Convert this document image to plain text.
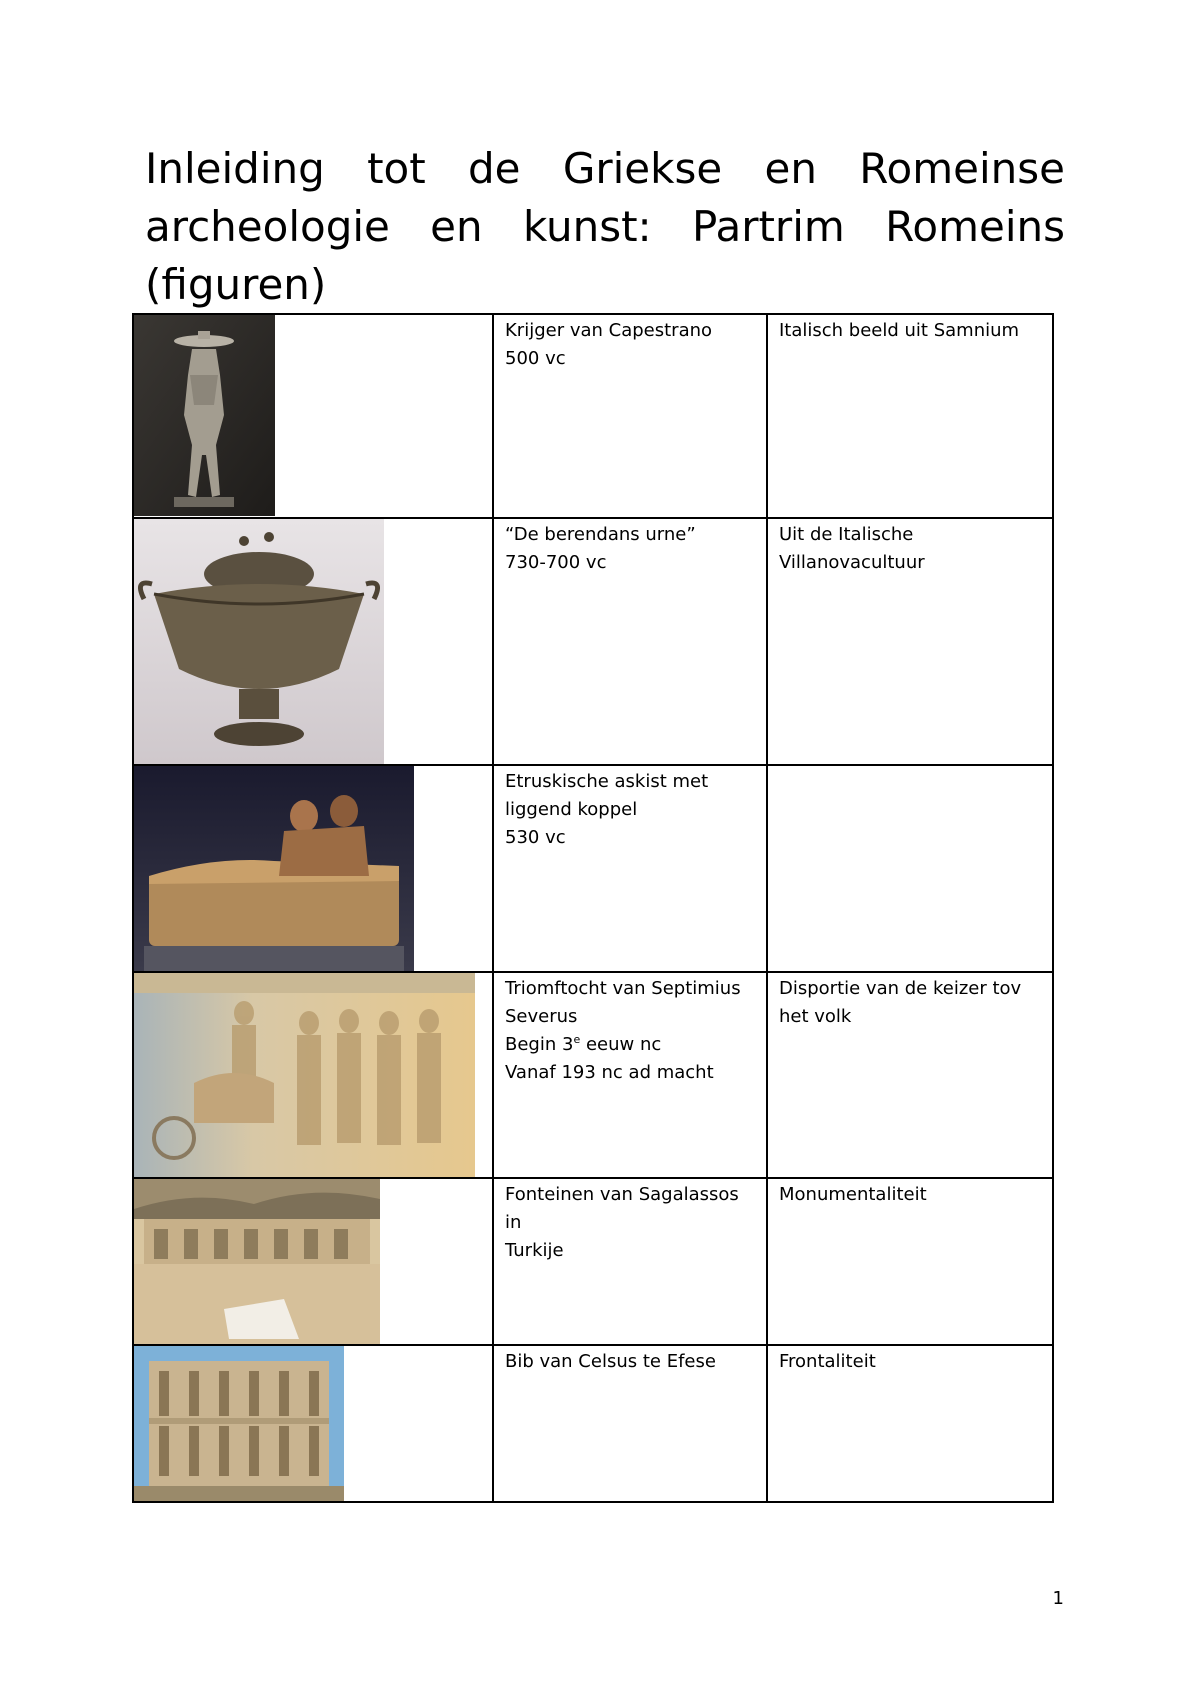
Inleiding tot de Griekse en Romeinse archeologie en kunst: Partrim Romeins (figuren)

Krijger van Capestrano
500 vc	Italisch beeld uit Samnium

“De berendans urne”
730-700 vc	Uit de Italische
Villanovacultuur

Etruskische askist met
liggend koppel
530 vc	

Triomftocht van Septimius
Severus
Begin 3e eeuw nc
Vanaf 193 nc ad macht	Disportie van de keizer tov
het volk

Fonteinen van Sagalassos in
Turkije	Monumentaliteit

Bib van Celsus te Efese	Frontaliteit
1
